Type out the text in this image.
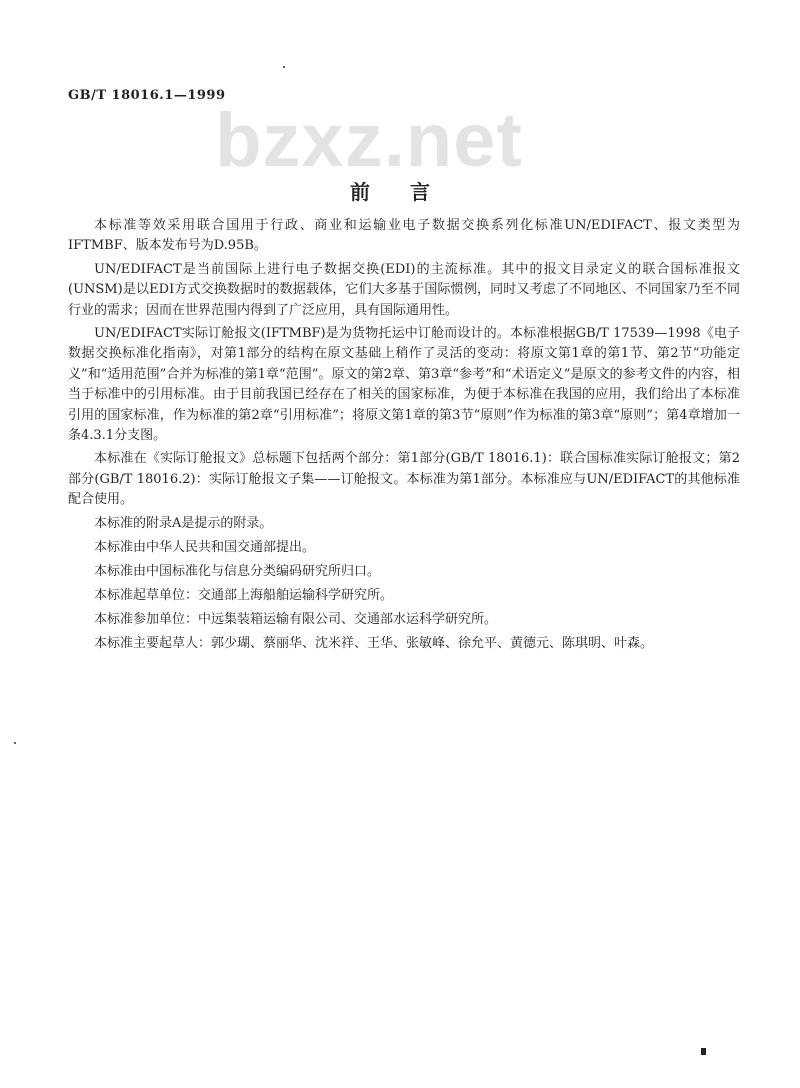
GB/T 18016.1—1999
bzxz.net
前言

本标准等效采用联合国用于行政、商业和运输业电子数据交换系列化标准UN/EDIFACT、报文类型为IFTMBF、版本发布号为D.95B。

UN/EDIFACT是当前国际上进行电子数据交换(EDI)的主流标准。其中的报文目录定义的联合国标准报文(UNSM)是以EDI方式交换数据时的数据载体，它们大多基于国际惯例，同时又考虑了不同地区、不同国家乃至不同行业的需求；因而在世界范围内得到了广泛应用，具有国际通用性。

UN/EDIFACT实际订舱报文(IFTMBF)是为货物托运中订舱而设计的。本标准根据GB/T 17539—1998《电子数据交换标准化指南》，对第1部分的结构在原文基础上稍作了灵活的变动：将原文第1章的第1节、第2节“功能定义”和“适用范围”合并为标准的第1章“范围”。原文的第2章、第3章“参考”和“术语定义”是原文的参考文件的内容，相当于标准中的引用标准。由于目前我国已经存在了相关的国家标准，为便于本标准在我国的应用，我们给出了本标准引用的国家标准，作为标准的第2章“引用标准”；将原文第1章的第3节“原则”作为标准的第3章“原则”；第4章增加一条4.3.1分支图。

本标准在《实际订舱报文》总标题下包括两个部分：第1部分(GB/T 18016.1)：联合国标准实际订舱报文；第2部分(GB/T 18016.2)：实际订舱报文子集——订舱报文。本标准为第1部分。本标准应与UN/EDIFACT的其他标准配合使用。

本标准的附录A是提示的附录。

本标准由中华人民共和国交通部提出。

本标准由中国标准化与信息分类编码研究所归口。

本标准起草单位：交通部上海船舶运输科学研究所。

本标准参加单位：中远集装箱运输有限公司、交通部水运科学研究所。

本标准主要起草人：郭少瑚、蔡丽华、沈米祥、王华、张敏峰、徐允平、黄德元、陈琪明、叶森。
